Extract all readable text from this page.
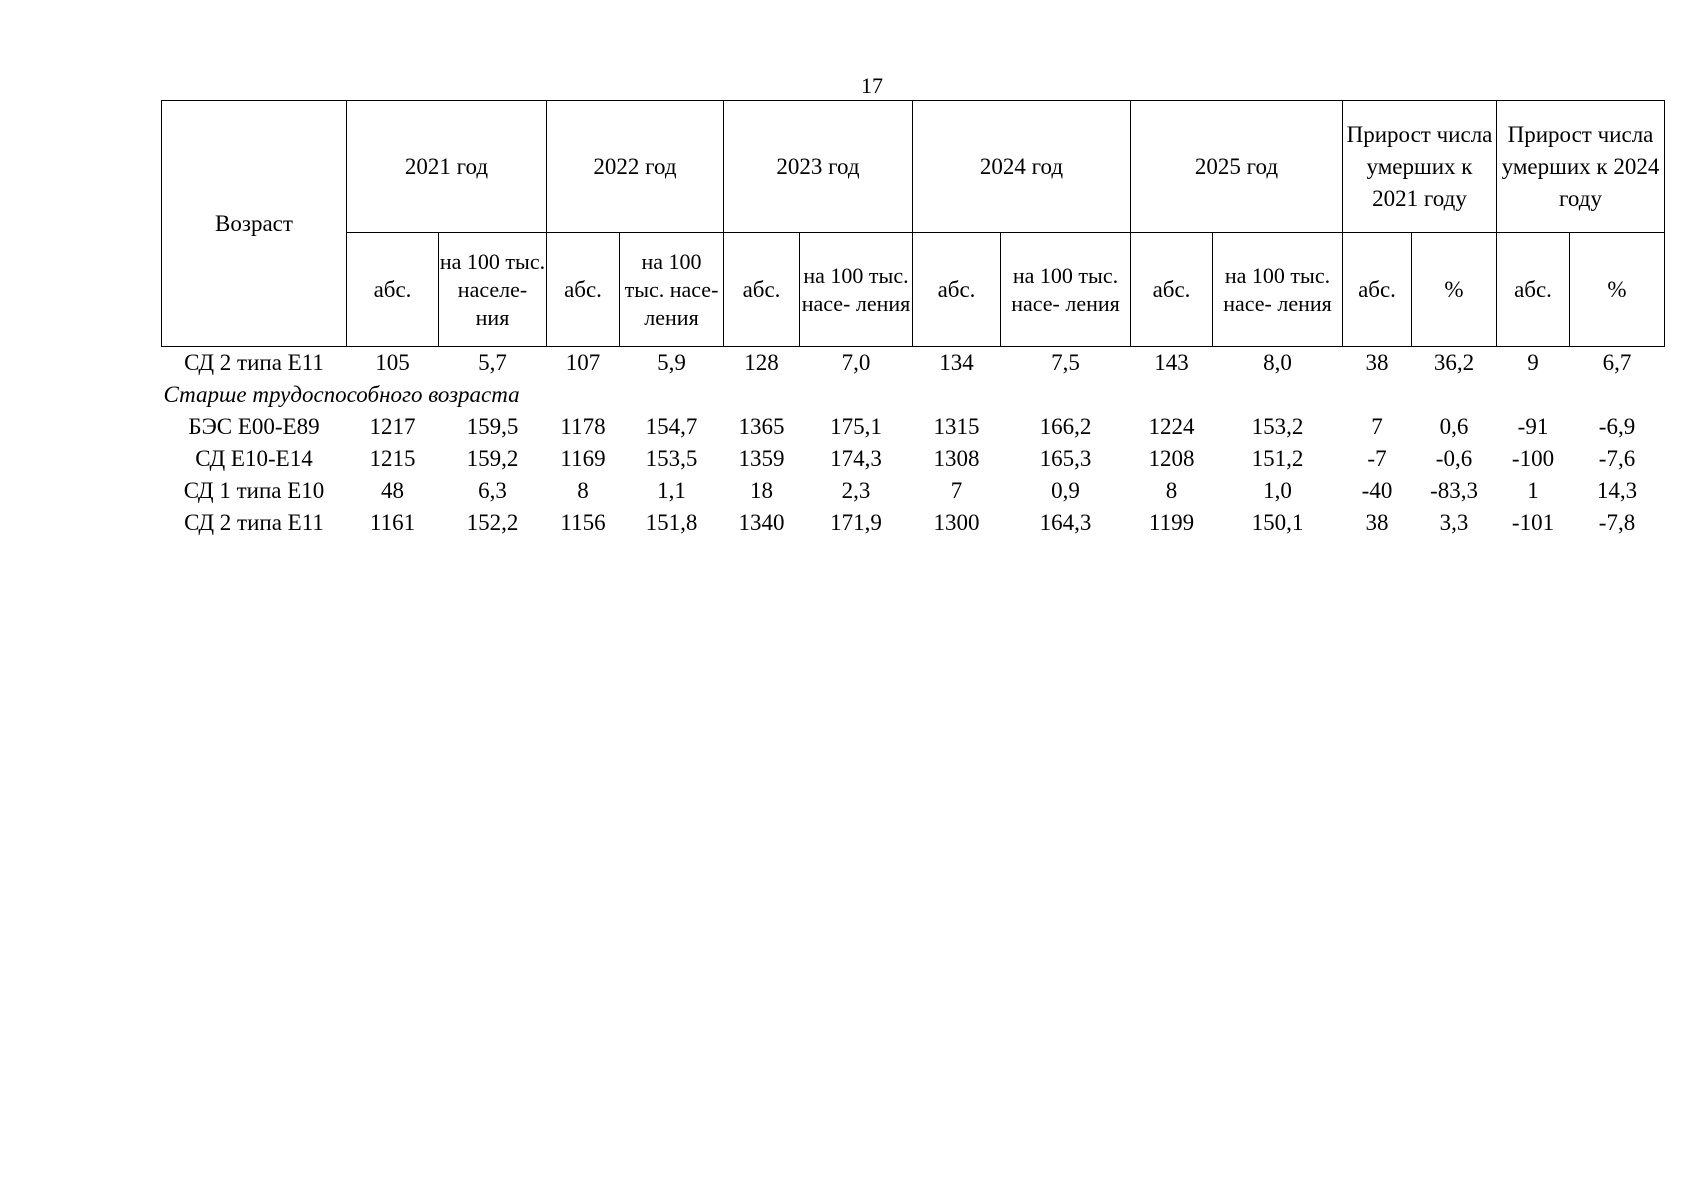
17
Возраст	2021 год		2022 год		2023 год		2024 год		2025 год		Прирост числа умерших к 2021 году		Прирост числа умерших к 2024 году	
	абс.	на 100 тыс. населе- ния	абс.	на 100 тыс. насе- ления	абс.	на 100 тыс. насе- ления	абс.	на 100 тыс. насе- ления	абс.	на 100 тыс. насе- ления	абс.	%	абс.	%
СД 2 типа Е11	105	5,7	107	5,9	128	7,0	134	7,5	143	8,0	38	36,2	9	6,7

Старше трудоспособного возраста														

БЭС Е00-Е89	1217	159,5	1178	154,7	1365	175,1	1315	166,2	1224	153,2	7	0,6	-91	-6,9
СД Е10-Е14	1215	159,2	1169	153,5	1359	174,3	1308	165,3	1208	151,2	-7	-0,6	-100	-7,6
СД 1 типа Е10	48	6,3	8	1,1	18	2,3	7	0,9	8	1,0	-40	-83,3	1	14,3
СД 2 типа Е11	1161	152,2	1156	151,8	1340	171,9	1300	164,3	1199	150,1	38	3,3	-101	-7,8
